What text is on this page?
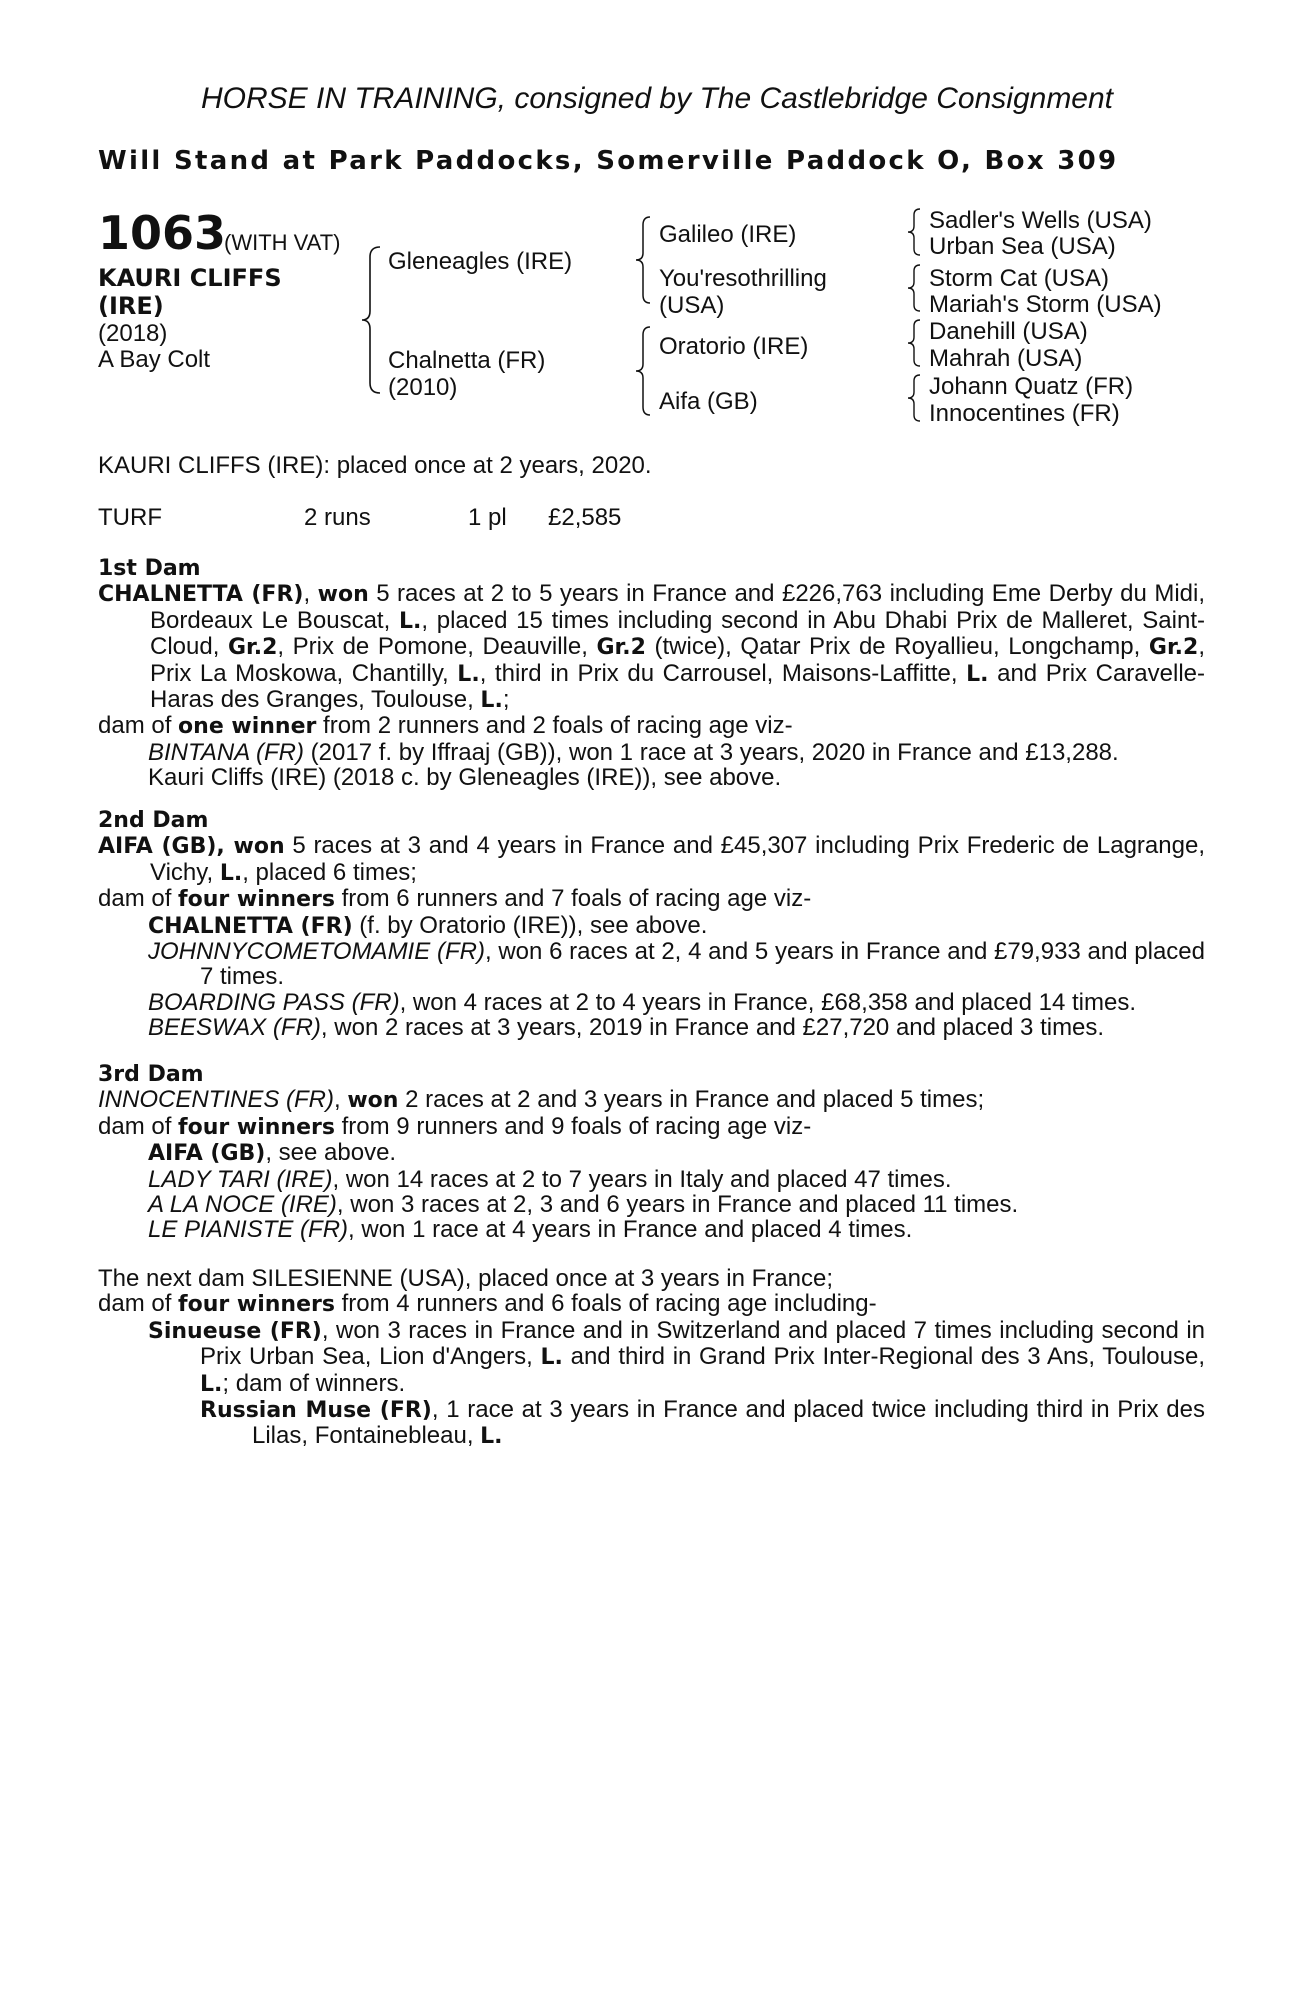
HORSE IN TRAINING, consigned by The Castlebridge Consignment
Will Stand at Park Paddocks, Somerville Paddock O, Box 309
1063
(WITH VAT)
KAURI CLIFFS
(IRE)
(2018)
A Bay Colt
Gleneagles (IRE)
Chalnetta (FR)
(2010)
Galileo (IRE)
You'resothrilling
(USA)
Oratorio (IRE)
Aifa (GB)
Sadler's Wells (USA)
Urban Sea (USA)
Storm Cat (USA)
Mariah's Storm (USA)
Danehill (USA)
Mahrah (USA)
Johann Quatz (FR)
Innocentines (FR)
KAURI CLIFFS (IRE): placed once at 2 years, 2020.
TURF	2 runs	1 pl £2,585

1st Dam

CHALNETTA (FR), won 5 races at 2 to 5 years in France and £226,763 including Eme Derby du Midi, Bordeaux Le Bouscat, L., placed 15 times including second in Abu Dhabi Prix de Malleret, Saint-Cloud, Gr.2, Prix de Pomone, Deauville, Gr.2 (twice), Qatar Prix de Royallieu, Longchamp, Gr.2, Prix La Moskowa, Chantilly, L., third in Prix du Carrousel, Maisons-Laffitte, L. and Prix Caravelle-Haras des Granges, Toulouse, L.;

dam of one winner from 2 runners and 2 foals of racing age viz-

BINTANA (FR) (2017 f. by Iffraaj (GB)), won 1 race at 3 years, 2020 in France and £13,288.

Kauri Cliffs (IRE) (2018 c. by Gleneagles (IRE)), see above.

2nd Dam

AIFA (GB), won 5 races at 3 and 4 years in France and £45,307 including Prix Frederic de Lagrange, Vichy, L., placed 6 times;

dam of four winners from 6 runners and 7 foals of racing age viz-

CHALNETTA (FR) (f. by Oratorio (IRE)), see above.

JOHNNYCOMETOMAMIE (FR), won 6 races at 2, 4 and 5 years in France and £79,933 and placed 7 times.

BOARDING PASS (FR), won 4 races at 2 to 4 years in France, £68,358 and placed 14 times.

BEESWAX (FR), won 2 races at 3 years, 2019 in France and £27,720 and placed 3 times.

3rd Dam

INNOCENTINES (FR), won 2 races at 2 and 3 years in France and placed 5 times;

dam of four winners from 9 runners and 9 foals of racing age viz-

AIFA (GB), see above.

LADY TARI (IRE), won 14 races at 2 to 7 years in Italy and placed 47 times.

A LA NOCE (IRE), won 3 races at 2, 3 and 6 years in France and placed 11 times.

LE PIANISTE (FR), won 1 race at 4 years in France and placed 4 times.

The next dam SILESIENNE (USA), placed once at 3 years in France;

dam of four winners from 4 runners and 6 foals of racing age including-

Sinueuse (FR), won 3 races in France and in Switzerland and placed 7 times including second in Prix Urban Sea, Lion d'Angers, L. and third in Grand Prix Inter-Regional des 3 Ans, Toulouse, L.; dam of winners.

Russian Muse (FR), 1 race at 3 years in France and placed twice including third in Prix des Lilas, Fontainebleau, L.
